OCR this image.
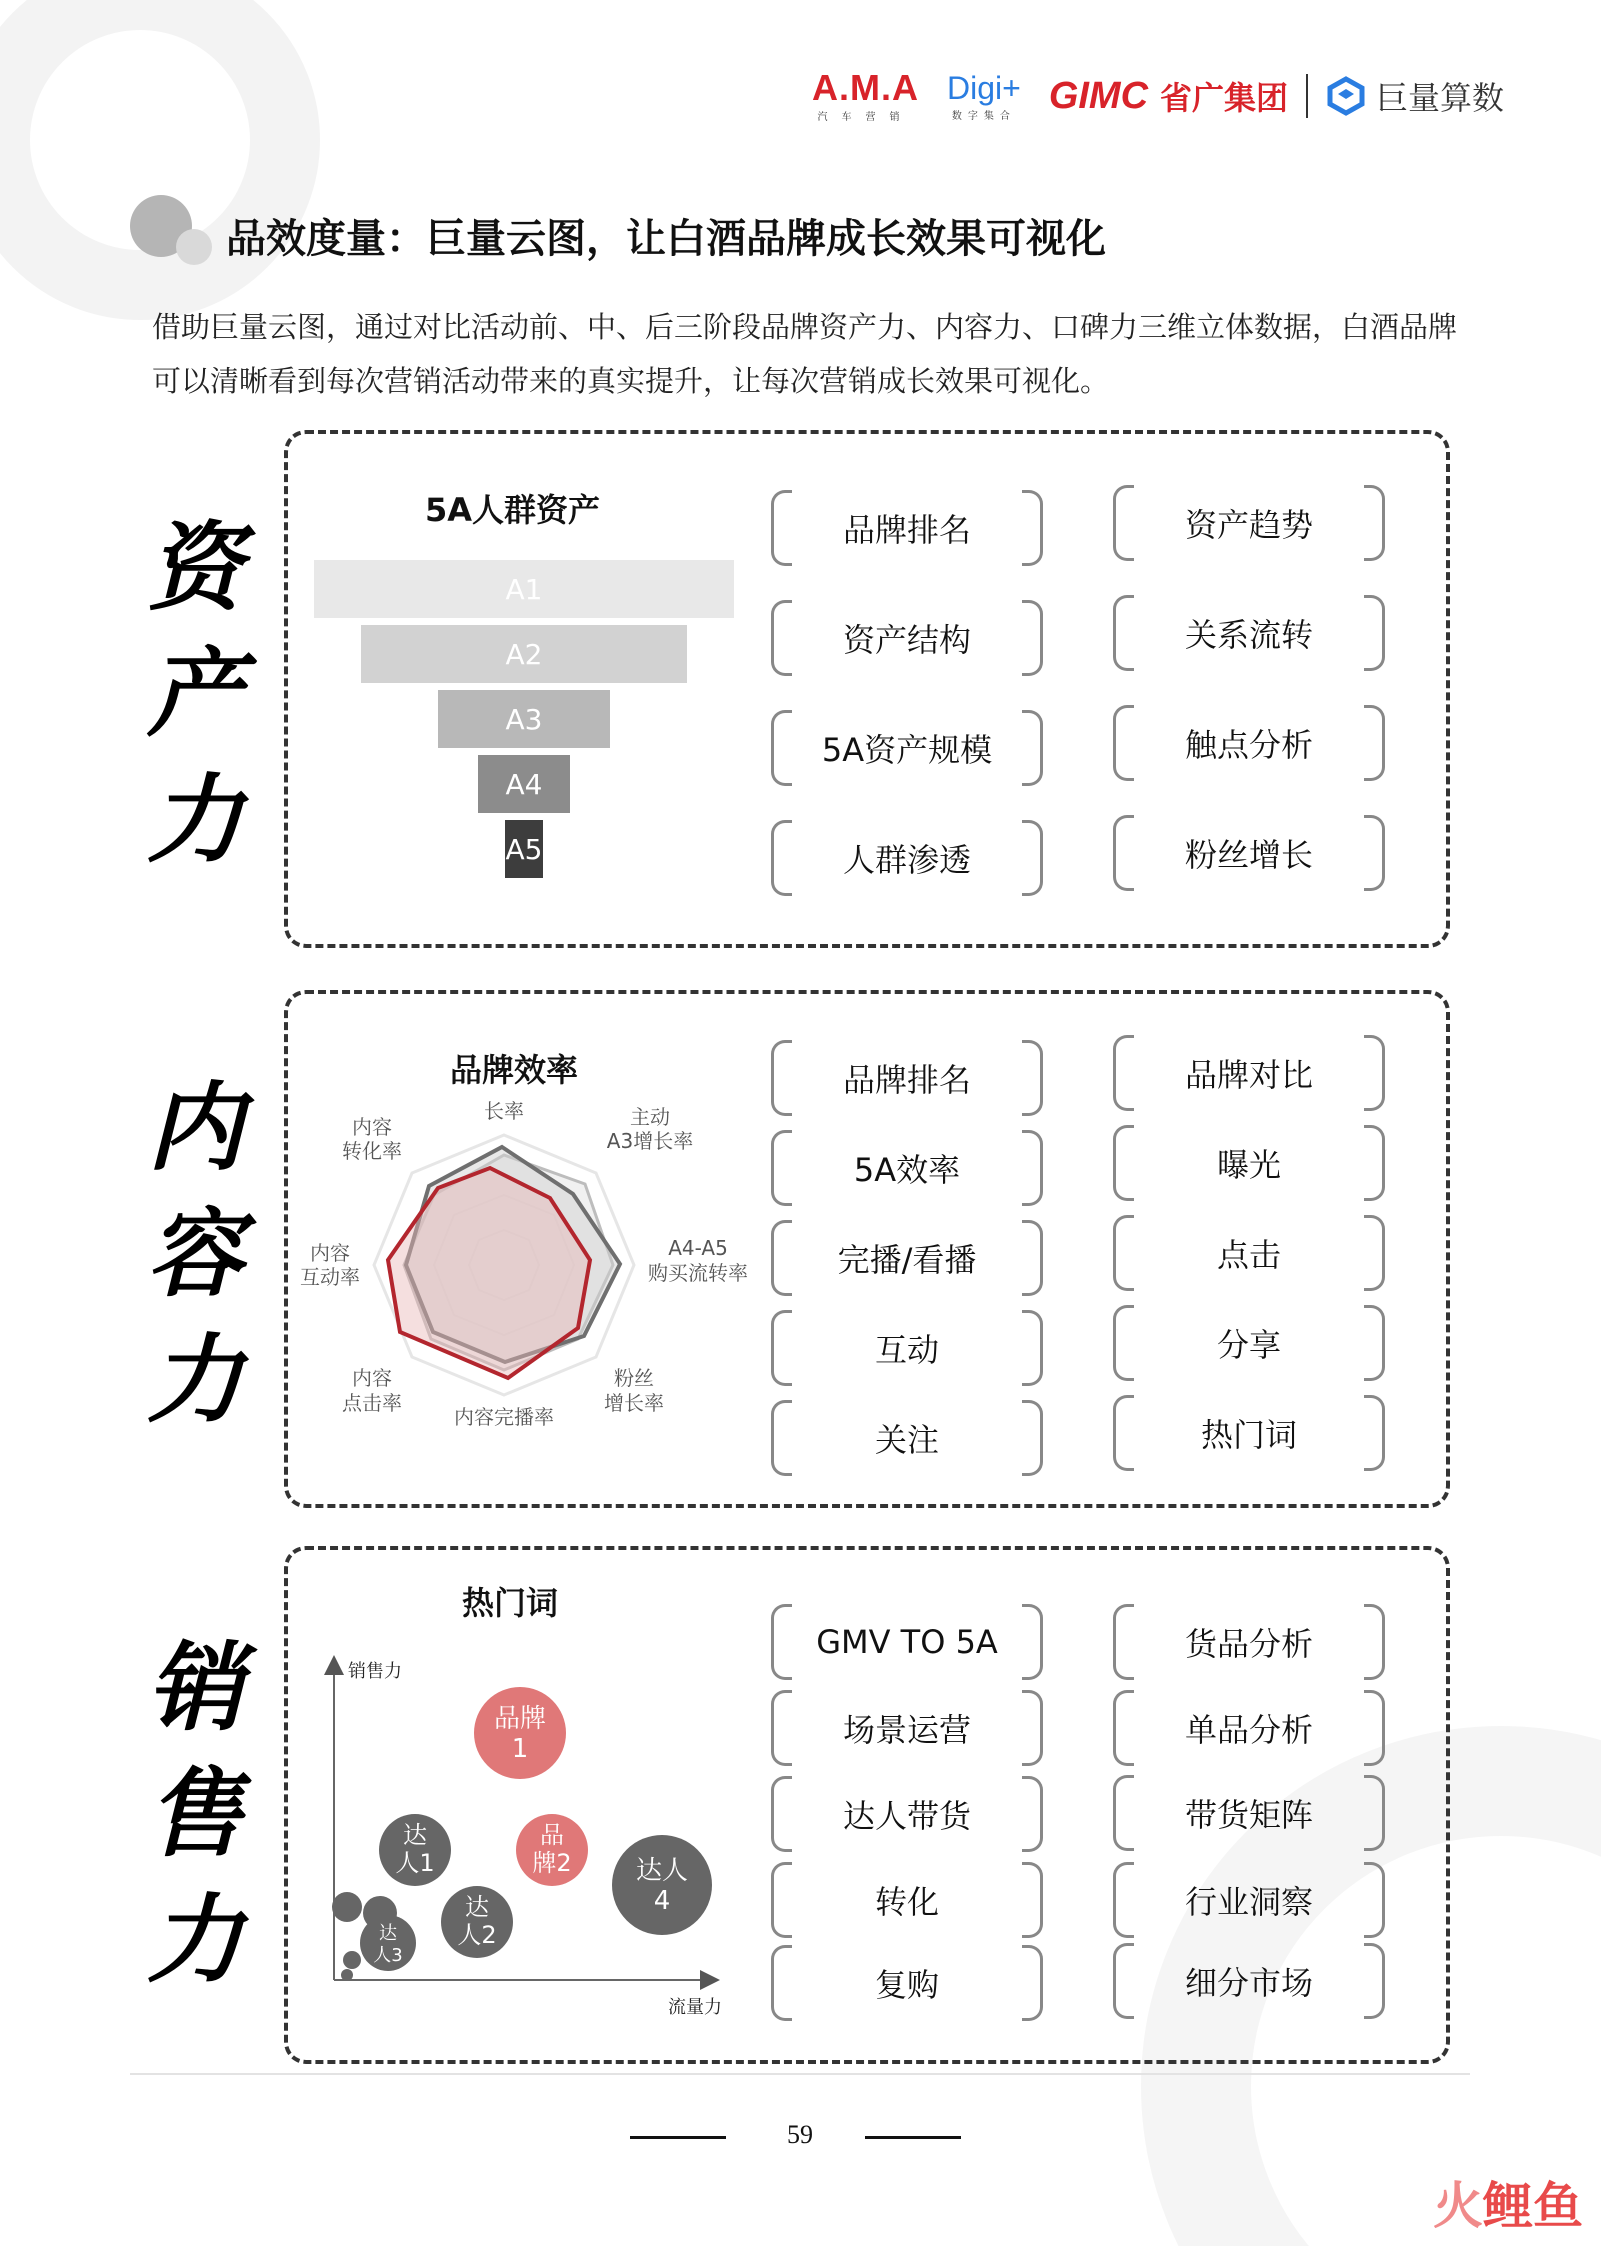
A.M.A
汽车营销
Digi+
数字集合 GIMC 省广集团	巨量算数
品效度量：巨量云图，让白酒品牌成长效果可视化
借助巨量云图，通过对比活动前、中、后三阶段品牌资产力、内容力、口碑力三维立体数据，白酒品牌可以清晰看到每次营销活动带来的真实提升，让每次营销成长效果可视化。
资
产
力
5A人群资产
A1
A2
A3
A4
A5
品牌排名
资产结构
5A资产规模
人群渗透
资产趋势
关系流转
触点分析
粉丝增长
内
容
力
品牌效率
长率	主动
A3增长率
A4-A5
购买流转率
粉丝
增长率
内容完播率
内容
点击率
内容
互动率
内容
转化率
品牌排名
5A效率
完播/看播
互动
关注
品牌对比
曝光
点击
分享
热门词
销
售
力
热门词
销售力
流量力
品牌
1
品
牌2
达
人1
达
人2
达人
4
达
人3
GMV TO 5A
场景运营
达人带货
转化
复购
货品分析
单品分析
带货矩阵
行业洞察
细分市场
59
火鲤鱼
